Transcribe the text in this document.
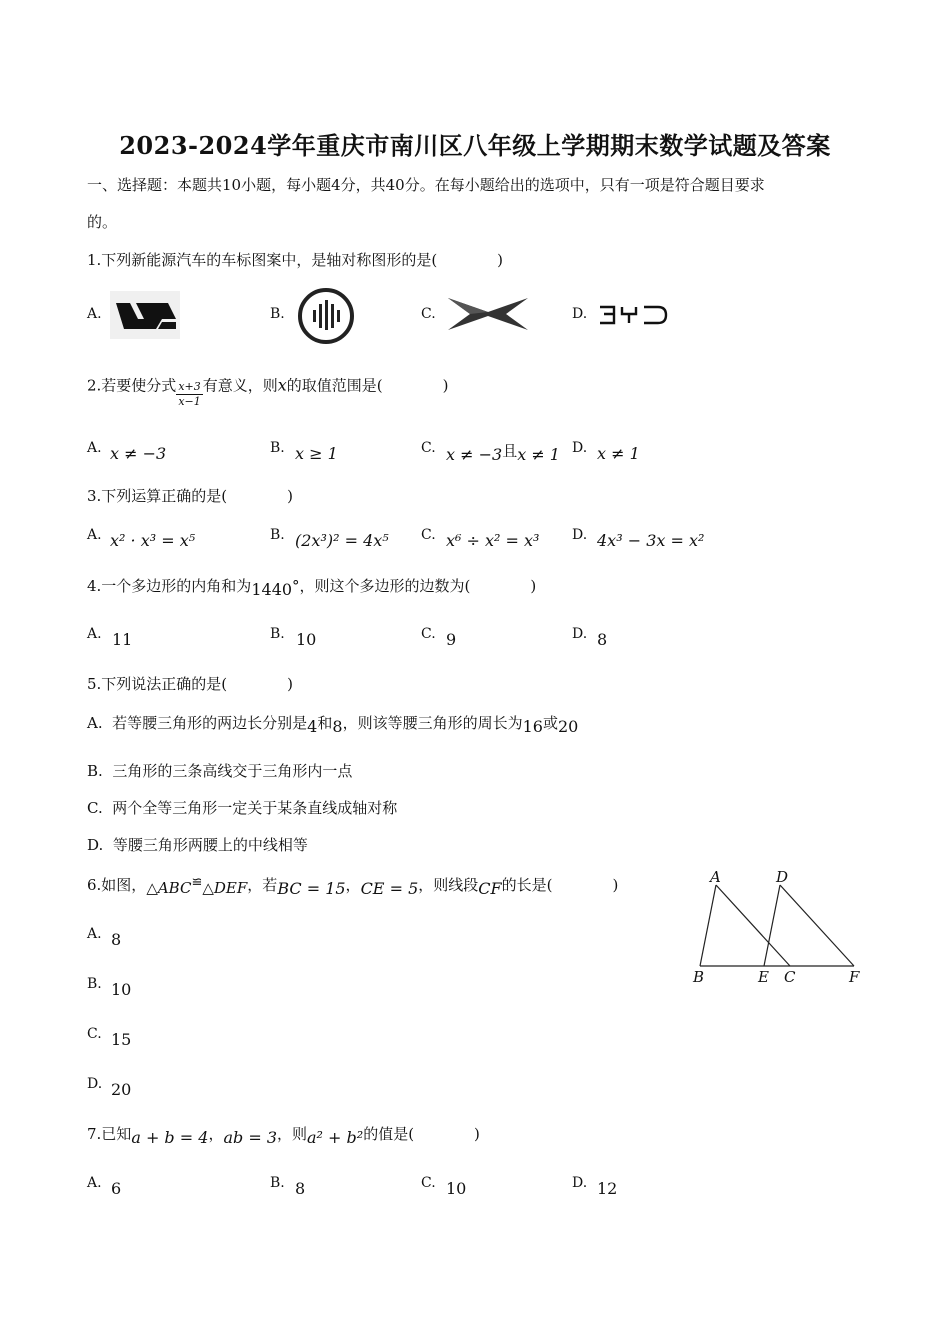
2023-2024学年重庆市南川区八年级上学期期末数学试题及答案
一、选择题：本题共10小题，每小题4分，共40分。在每小题给出的选项中，只有一项是符合题目要求
的。
1.下列新能源汽车的车标图案中，是轴对称图形的是(　　　　)
A.	B.	C.	D.
2.若要使分式 $\frac{x+3}{x-1}$ 有意义，则x的取值范围是(　　　　)
A. x ≠ −3	B. x ≥ 1	C. x ≠ −3且x ≠ 1 D. x ≠ 1
3.下列运算正确的是(　　　　)
A. x² · x³ = x⁵	B. (2x³)² = 4x⁵ C. x⁶ ÷ x² = x³ D. 4x³ − 3x = x²
4.一个多边形的内角和为1440°，则这个多边形的边数为(　　　　)
A. 11	B. 10	C. 9	D. 8
5.下列说法正确的是(　　　　)
A. 若等腰三角形的两边长分别是4和8，则该等腰三角形的周长为16或20
B. 三角形的三条高线交于三角形内一点
C. 两个全等三角形一定关于某条直线成轴对称
D. 等腰三角形两腰上的中线相等
6.如图，△ABC≌△DEF，若BC = 15，CE = 5，则线段CF的长是(　　　　)
A. 8
B. 10
C. 15
D. 20
A	D
B	E C	F
7.已知a + b = 4，ab = 3，则a² + b²的值是(　　　　)
A. 6	B. 8	C. 10	D. 12
